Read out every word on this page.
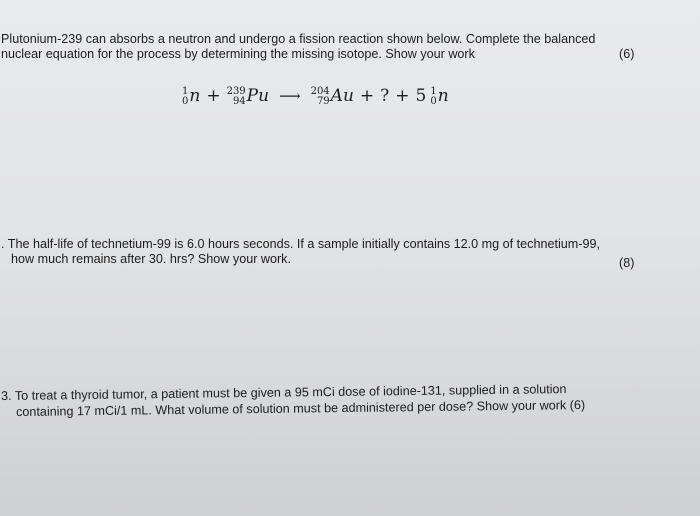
Plutonium-239 can absorbs a neutron and undergo a fission reaction shown below. Complete the balanced
nuclear equation for the process by determining the missing isotope. Show your work	(6)
1
0 n + 239
94 Pu ⟶ 204
79 Au + ? + 5 1
0 n
. The half-life of technetium-99 is 6.0 hours seconds. If a sample initially contains 12.0 mg of technetium-99,
how much remains after 30. hrs? Show your work.	(8)
3. To treat a thyroid tumor, a patient must be given a 95 mCi dose of iodine-131, supplied in a solution
containing 17 mCi/1 mL. What volume of solution must be administered per dose? Show your work (6)
